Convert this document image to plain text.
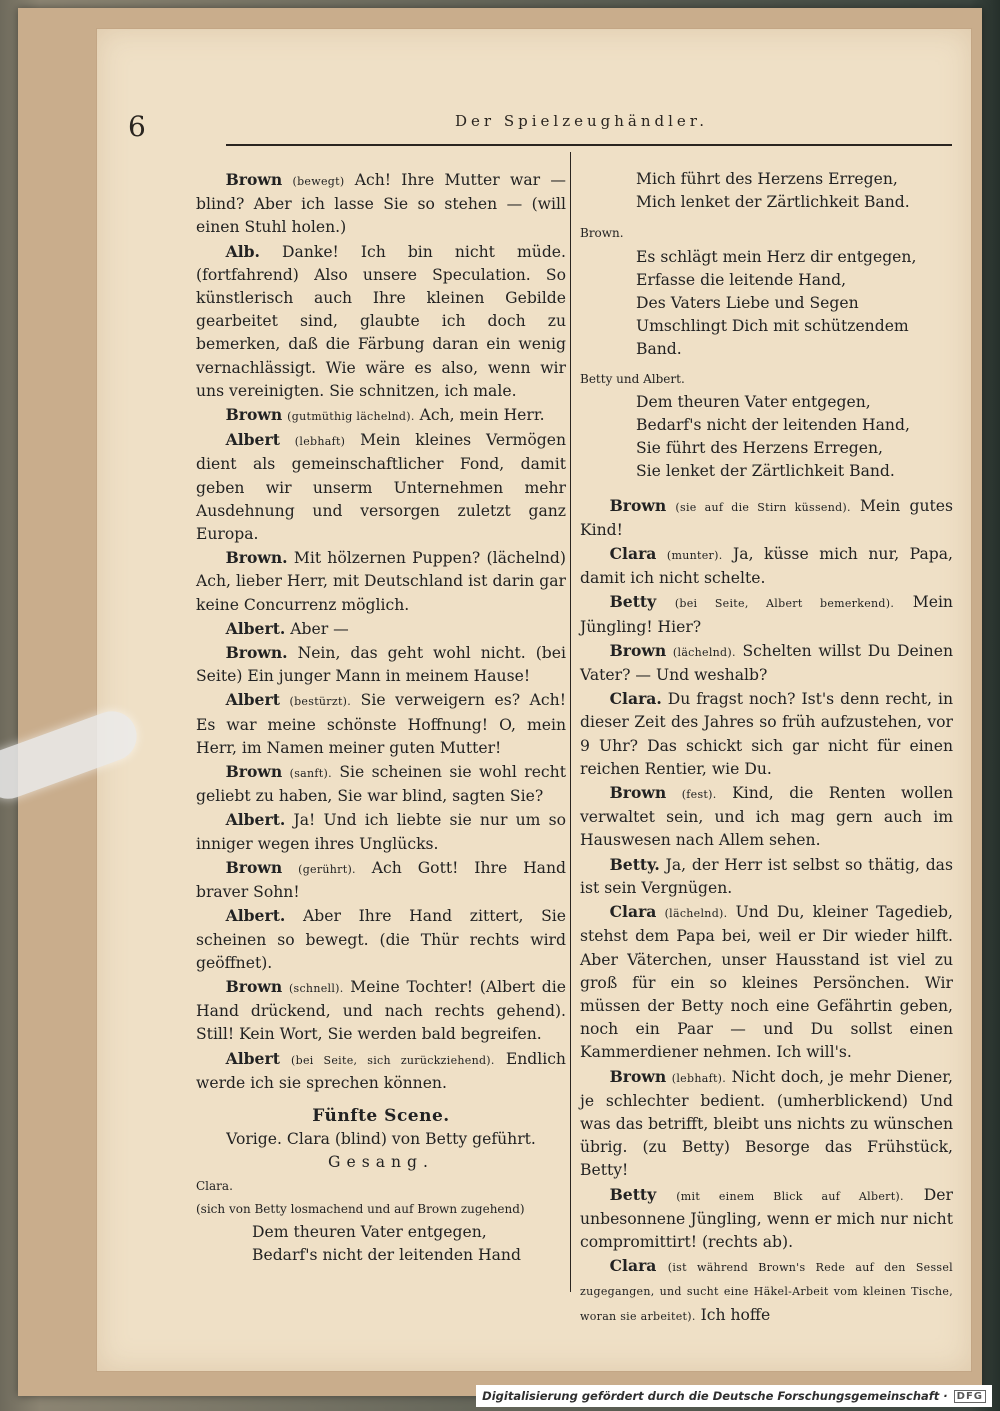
6	Der Spielzeughändler.

Brown (bewegt) Ach! Ihre Mutter war — blind? Aber ich lasse Sie so stehen — (will einen Stuhl holen.)

Alb. Danke! Ich bin nicht müde. (fortfahrend) Also unsere Speculation. So künstlerisch auch Ihre kleinen Gebilde gearbeitet sind, glaubte ich doch zu bemerken, daß die Färbung daran ein wenig vernachlässigt. Wie wäre es also, wenn wir uns vereinigten. Sie schnitzen, ich male.

Brown (gutmüthig lächelnd). Ach, mein Herr.

Albert (lebhaft) Mein kleines Vermögen dient als gemeinschaftlicher Fond, damit geben wir unserm Unternehmen mehr Ausdehnung und versorgen zuletzt ganz Europa.

Brown. Mit hölzernen Puppen? (lächelnd) Ach, lieber Herr, mit Deutschland ist darin gar keine Concurrenz möglich.

Albert. Aber —

Brown. Nein, das geht wohl nicht. (bei Seite) Ein junger Mann in meinem Hause!

Albert (bestürzt). Sie verweigern es? Ach! Es war meine schönste Hoffnung! O, mein Herr, im Namen meiner guten Mutter!

Brown (sanft). Sie scheinen sie wohl recht geliebt zu haben, Sie war blind, sagten Sie?

Albert. Ja! Und ich liebte sie nur um so inniger wegen ihres Unglücks.

Brown (gerührt). Ach Gott! Ihre Hand braver Sohn!

Albert. Aber Ihre Hand zittert, Sie scheinen so bewegt. (die Thür rechts wird geöffnet).

Brown (schnell). Meine Tochter! (Albert die Hand drückend, und nach rechts gehend). Still! Kein Wort, Sie werden bald begreifen.

Albert (bei Seite, sich zurückziehend). Endlich werde ich sie sprechen können.

Fünfte Scene.

Vorige. Clara (blind) von Betty geführt.

Gesang.

Clara.

(sich von Betty losmachend und auf Brown zugehend)

Dem theuren Vater entgegen,
Bedarf's nicht der leitenden Hand
Mich führt des Herzens Erregen,
Mich lenket der Zärtlichkeit Band.

Brown.

Es schlägt mein Herz dir entgegen,
Erfasse die leitende Hand,
Des Vaters Liebe und Segen
Umschlingt Dich mit schützendem Band.

Betty und Albert.

Dem theuren Vater entgegen,
Bedarf's nicht der leitenden Hand,
Sie führt des Herzens Erregen,
Sie lenket der Zärtlichkeit Band.

Brown (sie auf die Stirn küssend). Mein gutes Kind!

Clara (munter). Ja, küsse mich nur, Papa, damit ich nicht schelte.

Betty (bei Seite, Albert bemerkend). Mein Jüngling! Hier?

Brown (lächelnd). Schelten willst Du Deinen Vater? — Und weshalb?

Clara. Du fragst noch? Ist's denn recht, in dieser Zeit des Jahres so früh aufzustehen, vor 9 Uhr? Das schickt sich gar nicht für einen reichen Rentier, wie Du.

Brown (fest). Kind, die Renten wollen verwaltet sein, und ich mag gern auch im Hauswesen nach Allem sehen.

Betty. Ja, der Herr ist selbst so thätig, das ist sein Vergnügen.

Clara (lächelnd). Und Du, kleiner Tagedieb, stehst dem Papa bei, weil er Dir wieder hilft. Aber Väterchen, unser Hausstand ist viel zu groß für ein so kleines Persönchen. Wir müssen der Betty noch eine Gefährtin geben, noch ein Paar — und Du sollst einen Kammerdiener nehmen. Ich will's.

Brown (lebhaft). Nicht doch, je mehr Diener, je schlechter bedient. (umherblickend) Und was das betrifft, bleibt uns nichts zu wünschen übrig. (zu Betty) Besorge das Frühstück, Betty!

Betty (mit einem Blick auf Albert). Der unbesonnene Jüngling, wenn er mich nur nicht compromittirt! (rechts ab).

Clara (ist während Brown's Rede auf den Sessel zugegangen, und sucht eine Häkel-Arbeit vom kleinen Tische, woran sie arbeitet). Ich hoffe

Digitalisierung gefördert durch die Deutsche Forschungsgemeinschaft · DFG
